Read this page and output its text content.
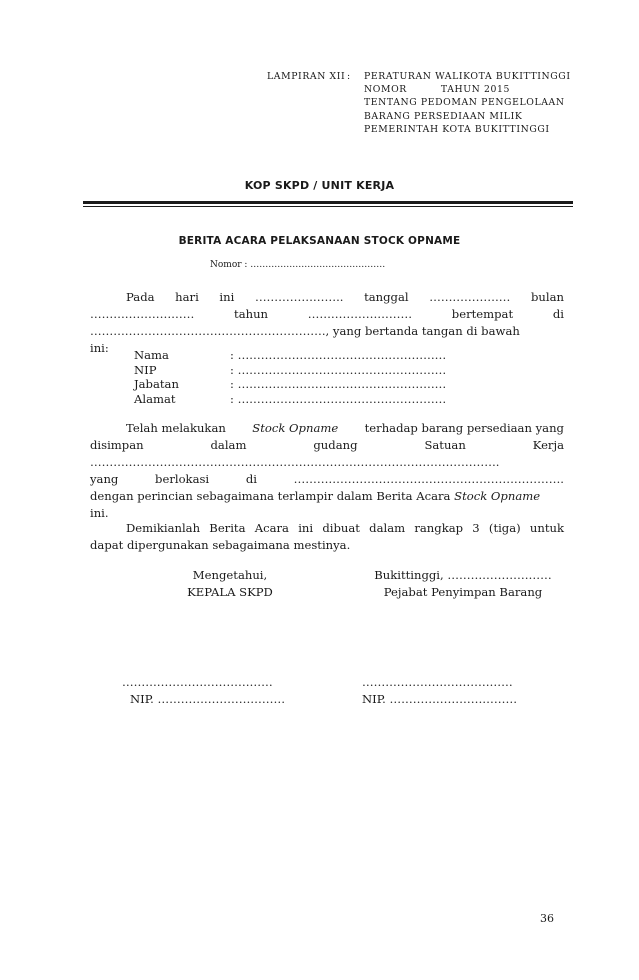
LAMPIRAN XII : PERATURAN WALIKOTA BUKITTINGGI
NOMOR	TAHUN 2015
TENTANG PEDOMAN PENGELOLAAN
BARANG PERSEDIAAN MILIK
PEMERINTAH KOTA BUKITTINGGI
KOP SKPD / UNIT KERJA
BERITA ACARA PELAKSANAAN STOCK OPNAME
Nomor : ………………………………………
Pada hari ini ………………….. tanggal ………………… bulan
………………………	tahun	………………………	bertempat	di
……………………………………………………., yang bertanda tangan di bawah
ini:	Nama	: ………………………………………………
NIP	: ………………………………………………
Jabatan	: ………………………………………………
Alamat	: ………………………………………………
Telah melakukan Stock Opname terhadap barang persediaan yang
disimpan	dalam	gudang	Satuan	Kerja
…………………………………………………………………………………………….
yang	berlokasi	di	…………………………………………………………….
dengan perincian sebagaimana terlampir dalam Berita Acara Stock Opname
ini.
Demikianlah Berita Acara ini dibuat dalam rangkap 3 (tiga) untuk
dapat dipergunakan sebagaimana mestinya.
Mengetahui,
KEPALA SKPD
Bukittinggi, ………………………
Pejabat Penyimpan Barang
…………………………………
NIP. ……………………………
…………………………………
NIP. ……………………………
36
